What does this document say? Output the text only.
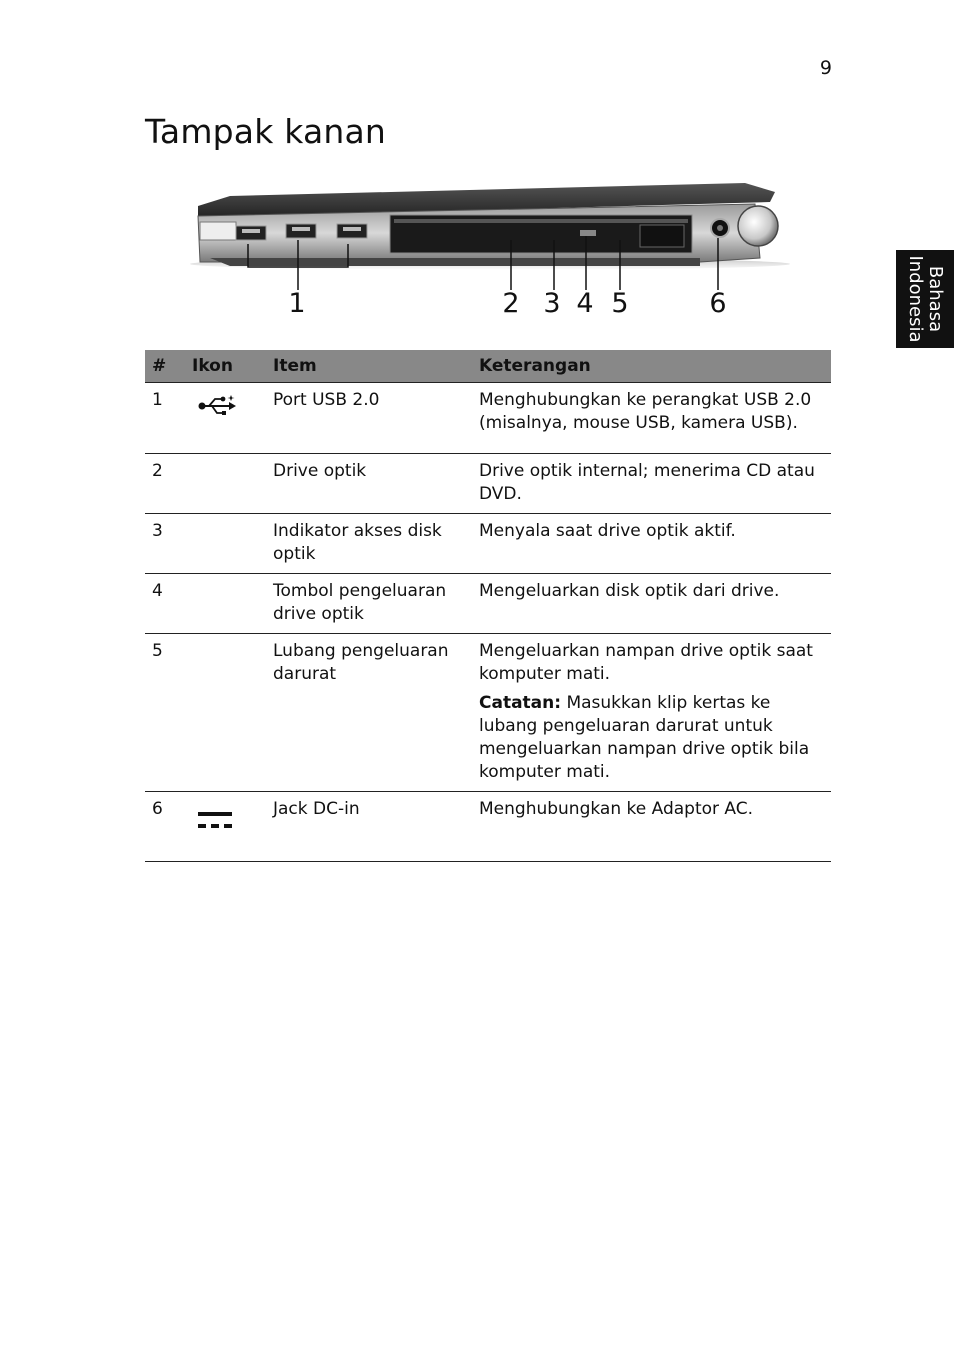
9
Tampak kanan
Bahasa
Indonesia
1	2 3 4 5	6
#	Ikon	Item	Keterangan
1		Port USB 2.0	Menghubungkan ke perangkat USB 2.0 (misalnya, mouse USB, kamera USB).
2		Drive optik	Drive optik internal; menerima CD atau DVD.
3		Indikator akses disk optik	Menyala saat drive optik aktif.
4		Tombol pengeluaran drive optik	Mengeluarkan disk optik dari drive.
5		Lubang pengeluaran darurat	Mengeluarkan nampan drive optik saat komputer mati.
Catatan: Masukkan klip kertas ke lubang pengeluaran darurat untuk mengeluarkan nampan drive optik bila komputer mati.

6		Jack DC-in	Menghubungkan ke Adaptor AC.
